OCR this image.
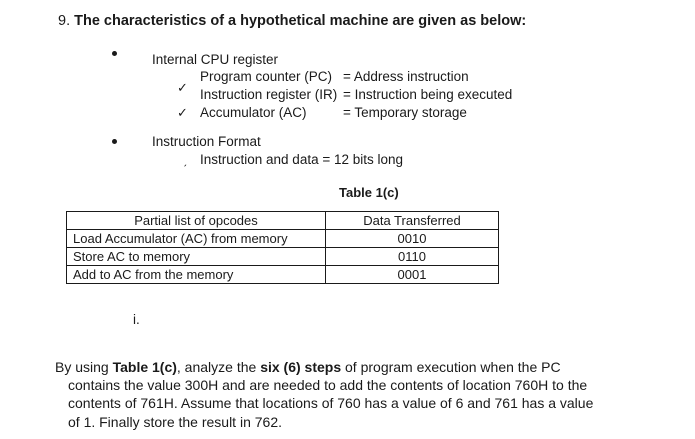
9. The characteristics of a hypothetical machine are given as below:
Internal CPU register
Program counter (PC) = Address instruction
✓ Instruction register (IR) = Instruction being executed
✓ Accumulator (AC)	= Temporary storage
Instruction Format
ˏ Instruction and data = 12 bits long
Table 1(c)
Partial list of opcodes	Data Transferred
Load Accumulator (AC) from memory	0010
Store AC to memory	0110
Add to AC from the memory	0001
i.
By using Table 1(c), analyze the six (6) steps of program execution when the PC
contains the value 300H and are needed to add the contents of location 760H to the
contents of 761H. Assume that locations of 760 has a value of 6 and 761 has a value
of 1. Finally store the result in 762.
